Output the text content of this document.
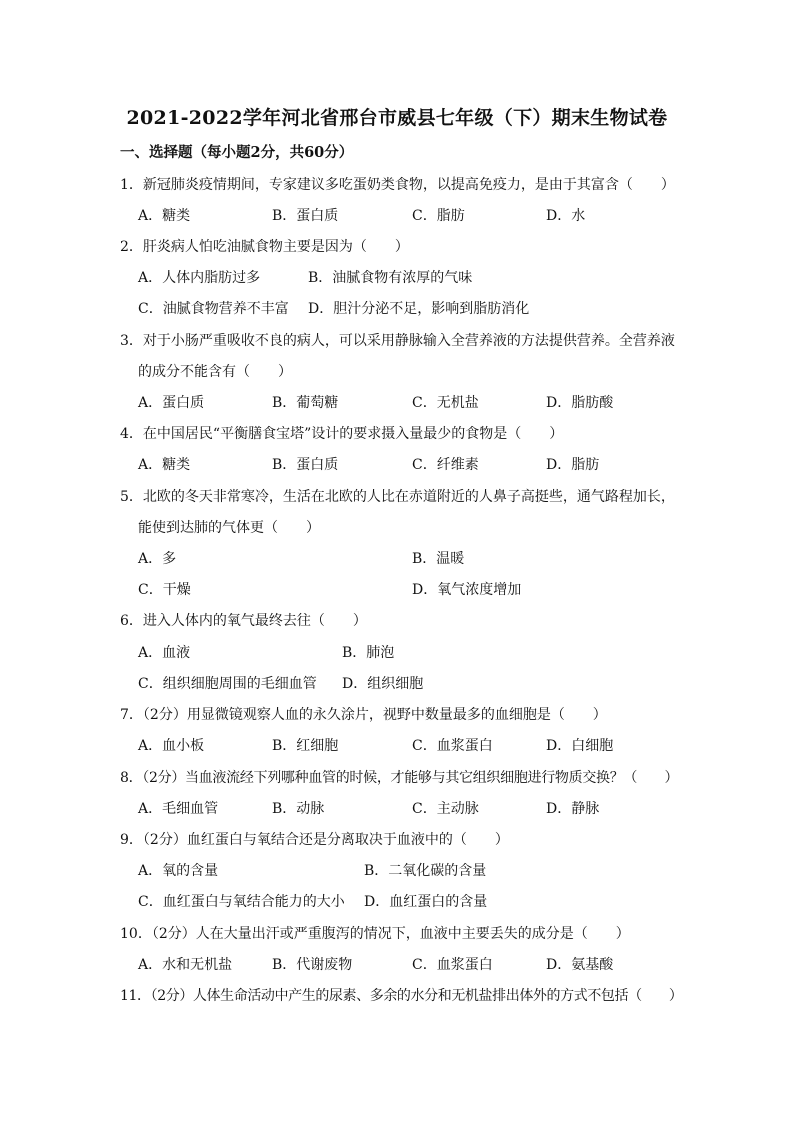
2021-2022学年河北省邢台市威县七年级（下）期末生物试卷
一、选择题（每小题2分，共60分）
1．新冠肺炎疫情期间，专家建议多吃蛋奶类食物，以提高免疫力，是由于其富含（　　）
A．糖类	B．蛋白质	C．脂肪	D．水
2．肝炎病人怕吃油腻食物主要是因为（　　）
A．人体内脂肪过多	B．油腻食物有浓厚的气味
C．油腻食物营养不丰富 D．胆汁分泌不足，影响到脂肪消化
3．对于小肠严重吸收不良的病人，可以采用静脉输入全营养液的方法提供营养。全营养液
的成分不能含有（　　）
A．蛋白质	B．葡萄糖	C．无机盐	D．脂肪酸
4．在中国居民“平衡膳食宝塔”设计的要求摄入量最少的食物是（　　）
A．糖类	B．蛋白质	C．纤维素	D．脂肪
5．北欧的冬天非常寒冷，生活在北欧的人比在赤道附近的人鼻子高挺些，通气路程加长，
能使到达肺的气体更（　　）
A．多	B．温暖
C．干燥	D．氧气浓度增加
6．进入人体内的氧气最终去往（　　）
A．血液	B．肺泡
C．组织细胞周围的毛细血管 D．组织细胞
7．（2分）用显微镜观察人血的永久涂片，视野中数量最多的血细胞是（　　）
A．血小板	B．红细胞	C．血浆蛋白	D．白细胞
8．（2分）当血液流经下列哪种血管的时候，才能够与其它组织细胞进行物质交换？（　　）
A．毛细血管	B．动脉	C．主动脉	D．静脉
9．（2分）血红蛋白与氧结合还是分离取决于血液中的（　　）
A．氧的含量	B．二氧化碳的含量
C．血红蛋白与氧结合能力的大小 D．血红蛋白的含量
10．（2分）人在大量出汗或严重腹泻的情况下，血液中主要丢失的成分是（　　）
A．水和无机盐	B．代谢废物	C．血浆蛋白	D．氨基酸
11．（2分）人体生命活动中产生的尿素、多余的水分和无机盐排出体外的方式不包括（　　）
